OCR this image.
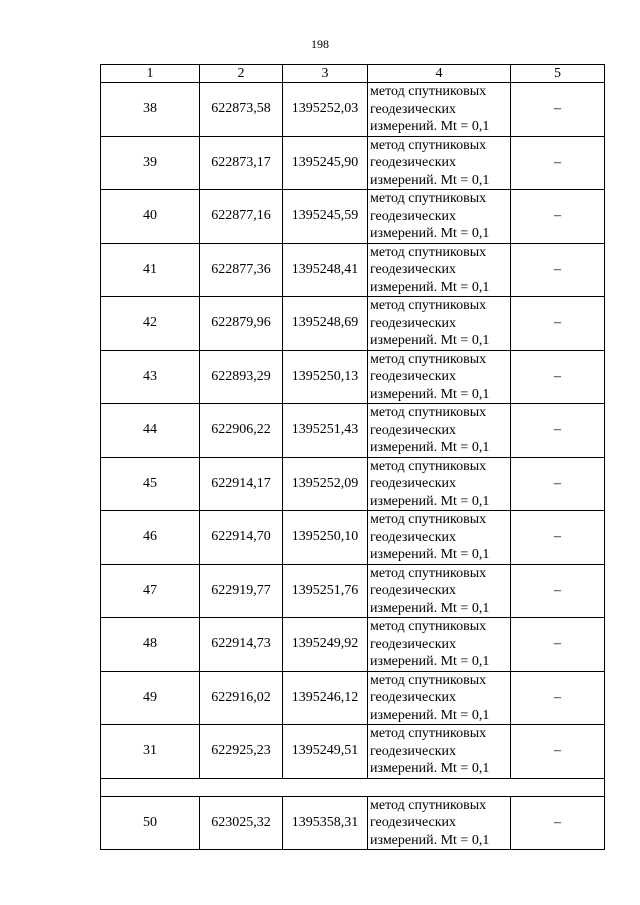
198
1	2	3	4	5
38	622873,58	1395252,03	метод спутниковых
геодезических
измерений. Mt = 0,1	–
39	622873,17	1395245,90	метод спутниковых
геодезических
измерений. Mt = 0,1	–
40	622877,16	1395245,59	метод спутниковых
геодезических
измерений. Mt = 0,1	–
41	622877,36	1395248,41	метод спутниковых
геодезических
измерений. Mt = 0,1	–
42	622879,96	1395248,69	метод спутниковых
геодезических
измерений. Mt = 0,1	–
43	622893,29	1395250,13	метод спутниковых
геодезических
измерений. Mt = 0,1	–
44	622906,22	1395251,43	метод спутниковых
геодезических
измерений. Mt = 0,1	–
45	622914,17	1395252,09	метод спутниковых
геодезических
измерений. Mt = 0,1	–
46	622914,70	1395250,10	метод спутниковых
геодезических
измерений. Mt = 0,1	–
47	622919,77	1395251,76	метод спутниковых
геодезических
измерений. Mt = 0,1	–
48	622914,73	1395249,92	метод спутниковых
геодезических
измерений. Mt = 0,1	–
49	622916,02	1395246,12	метод спутниковых
геодезических
измерений. Mt = 0,1	–
31	622925,23	1395249,51	метод спутниковых
геодезических
измерений. Mt = 0,1	–

50	623025,32	1395358,31	метод спутниковых
геодезических
измерений. Mt = 0,1	–
